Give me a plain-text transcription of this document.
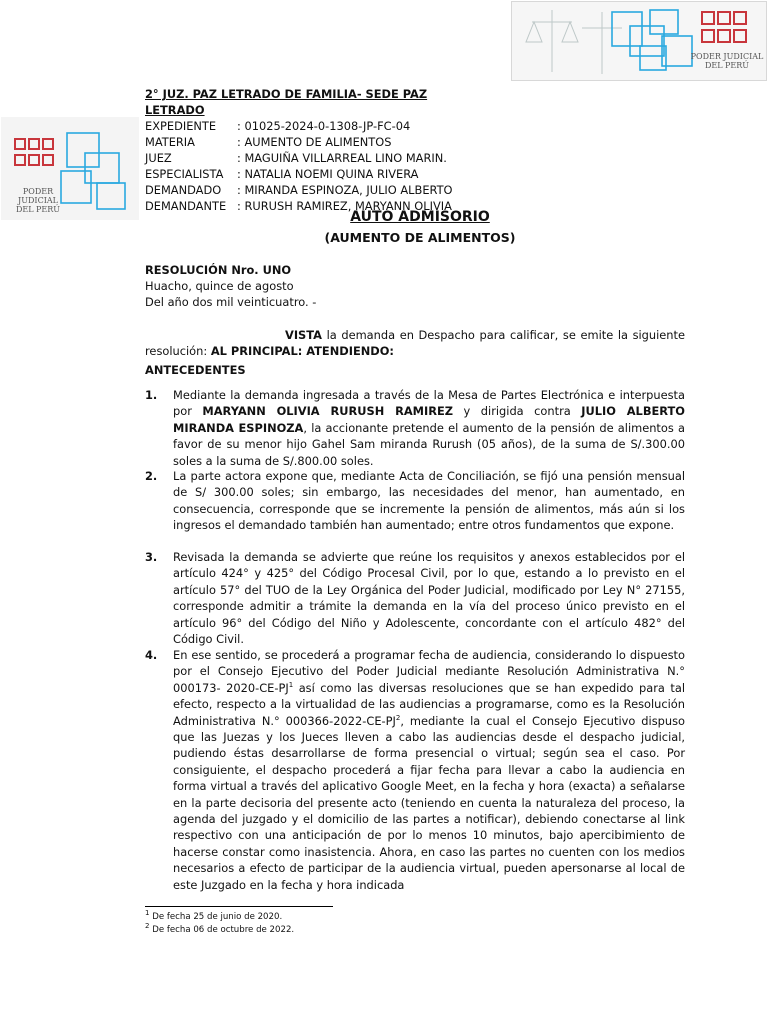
PODER JUDICIAL
DEL PERÚ
PODER JUDICIAL
DEL PERÚ
2° JUZ. PAZ LETRADO DE FAMILIA- SEDE PAZ LETRADO
EXPEDIENTE	: 01025-2024-0-1308-JP-FC-04
MATERIA	: AUMENTO DE ALIMENTOS
JUEZ	: MAGUIÑA VILLARREAL LINO MARIN.
ESPECIALISTA	: NATALIA NOEMI QUINA RIVERA
DEMANDADO	: MIRANDA ESPINOZA, JULIO ALBERTO
DEMANDANTE : RURUSH RAMIREZ, MARYANN OLIVIA
AUTO ADMISORIO
(AUMENTO DE ALIMENTOS)
RESOLUCIÓN Nro. UNO
Huacho, quince de agosto
Del año dos mil veinticuatro. -
VISTA la demanda en Despacho para calificar, se emite la siguiente resolución: AL PRINCIPAL: ATENDIENDO:
ANTECEDENTES
1.	Mediante la demanda ingresada a través de la Mesa de Partes Electrónica e interpuesta por MARYANN OLIVIA RURUSH RAMIREZ y dirigida contra JULIO ALBERTO MIRANDA ESPINOZA, la accionante pretende el aumento de la pensión de alimentos a favor de su menor hijo Gahel Sam miranda Rurush (05 años), de la suma de S/.300.00 soles a la suma de S/.800.00 soles.
2.	La parte actora expone que, mediante Acta de Conciliación, se fijó una pensión mensual de S/ 300.00 soles; sin embargo, las necesidades del menor, han aumentado, en consecuencia, corresponde que se incremente la pensión de alimentos, más aún si los ingresos el demandado también han aumentado; entre otros fundamentos que expone.
3.	Revisada la demanda se advierte que reúne los requisitos y anexos establecidos por el artículo 424° y 425° del Código Procesal Civil, por lo que, estando a lo previsto en el artículo 57° del TUO de la Ley Orgánica del Poder Judicial, modificado por Ley N° 27155, corresponde admitir a trámite la demanda en la vía del proceso único previsto en el artículo 96° del Código del Niño y Adolescente, concordante con el artículo 482° del Código Civil.
4.	En ese sentido, se procederá a programar fecha de audiencia, considerando lo dispuesto por el Consejo Ejecutivo del Poder Judicial mediante Resolución Administrativa N.° 000173- $2020-CE-PJ^1$ así como las diversas resoluciones que se han expedido para tal efecto, respecto a la virtualidad de las audiencias a programarse, como es la Resolución Administrativa N.° $000366-2022-CE-PJ^2$, mediante la cual el Consejo Ejecutivo dispuso que las Juezas y los Jueces lleven a cabo las audiencias desde el despacho judicial, pudiendo éstas desarrollarse de forma presencial o virtual; según sea el caso. Por consiguiente, el despacho procederá a fijar fecha para llevar a cabo la audiencia en forma virtual a través del aplicativo Google Meet, en la fecha y hora (exacta) a señalarse en la parte decisoria del presente acto (teniendo en cuenta la naturaleza del proceso, la agenda del juzgado y el domicilio de las partes a notificar), debiendo conectarse al link respectivo con una anticipación de por lo menos 10 minutos, bajo apercibimiento de hacerse constar como inasistencia. Ahora, en caso las partes no cuenten con los medios necesarios a efecto de participar de la audiencia virtual, pueden apersonarse al local de este Juzgado en la fecha y hora indicada
$^1$ De fecha 25 de junio de 2020.
$^2$ De fecha 06 de octubre de 2022.
